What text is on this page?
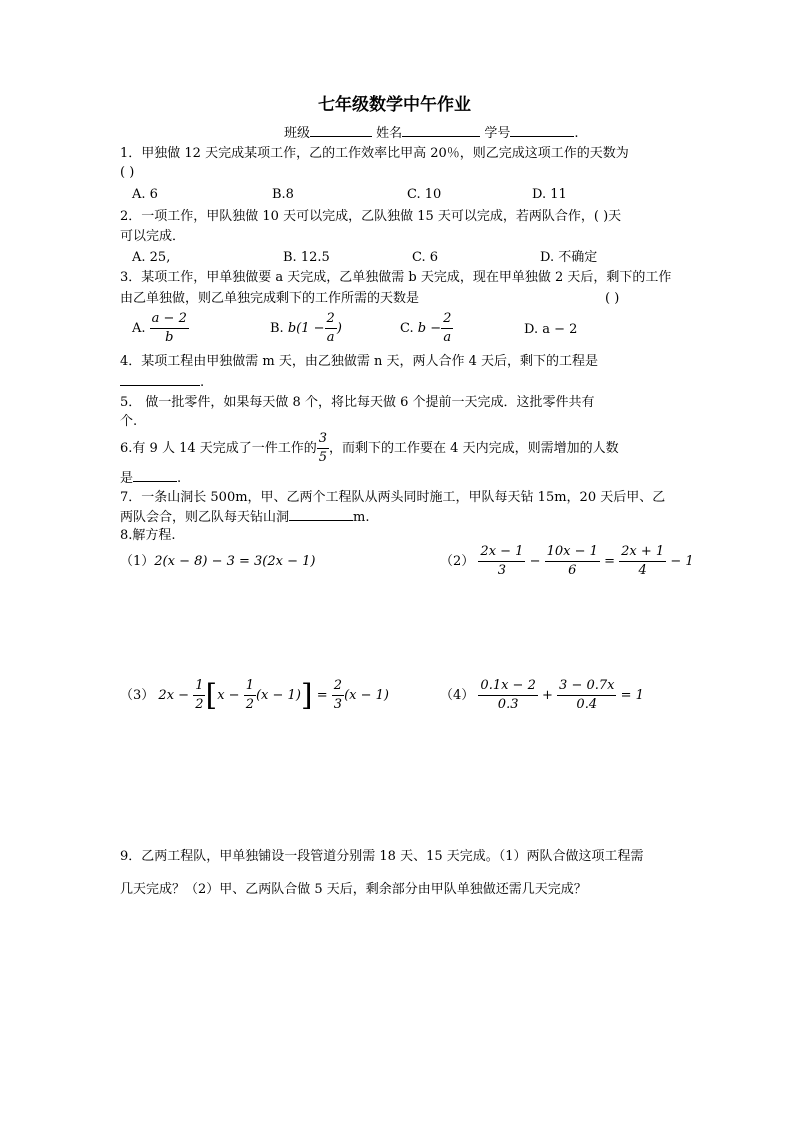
七年级数学中午作业
班级	姓名	学号	.
1．甲独做 12 天完成某项工作，乙的工作效率比甲高 20％，则乙完成这项工作的天数为
( )
A. 6	B.8	C. 10	D. 11
2．一项工作，甲队独做 10 天可以完成，乙队独做 15 天可以完成，若两队合作，( )天
可以完成．
A. 25,	B. 12.5	C. 6	D. 不确定
3．某项工作，甲单独做要 a 天完成，乙单独做需 b 天完成，现在甲单独做 2 天后，剩下的工作
由乙单独做，则乙单独完成剩下的工作所需的天数是	( )
A. $\frac{a - 2}{b}$	B. $b(1 - \frac{2}{a}$ )	C. $b - \frac{2}{a}$	D. a − 2
4．某项工程由甲独做需 m 天，由乙独做需 n 天，两人合作 4 天后，剩下的工程是
.
5． 做一批零件，如果每天做 8 个，将比每天做 6 个提前一天完成．这批零件共有
个.
6.有 9 人 14 天完成了一件工作的 $\frac{3}{5}$ ，而剩下的工作要在 4 天内完成，则需增加的人数
是	.
7．一条山洞长 500m，甲、乙两个工程队从两头同时施工，甲队每天钻 15m，20 天后甲、乙
两队会合，则乙队每天钻山洞	m.
8.解方程.
（1）2(x − 8) − 3 = 3(2x − 1)	$(2) \frac{2x - 1}{3} - \frac{10x - 1}{6} = \frac{2x + 1}{4} - 1$
（3） $2x - \frac{1}{2} [x - \frac{1}{2} (x - 1)] = \frac{2}{3} (x - 1)$	$(4) \frac{0.1x - 2}{0.3} + \frac{3 - 0.7x}{0.4} = 1$
9．乙两工程队，甲单独铺设一段管道分别需 18 天、15 天完成。（1）两队合做这项工程需
几天完成？（2）甲、乙两队合做 5 天后，剩余部分由甲队单独做还需几天完成？
